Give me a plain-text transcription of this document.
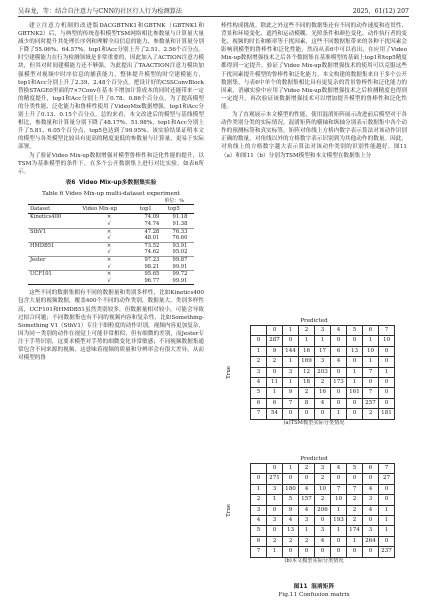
吴春龙，等：结合自注意力与CNN的社区行人行为检测算法	2025，61(12) 207

建立注意力机制的改进版DACGBTNK1和GBTNK（GBTNK1和GBTNK2）后，与典型的传统卷积模型TSM网络相比参数量与计算量大量减少的同时提升其处理长序列和理解全局信息的能力，参数量和计算量分别下降了55.06%、64.57%，top1和Acc分别上升了2.51、2.56个百分点。时空建模能力在行为检测领域是非常重要的，因此加入了ACTION注意力模块，但其对时间建模能力还不够强，为此提出了TAACTION注意力模块加强模型对视频中时序信息的捕获能力，整体提升模型的时空建模能力，top1和Acc分别上升了2.39、2.48个百分点。把设计好的CSSConvBlock替换STAGE0里面的7×7Conv在基本不增加计算成本的同时还能带来一定的精度提升，top1和Acc分别上升了0.78、0.86个百分点。为了提高模型的分类性能、泛化能力和鲁棒性使用了VideoMix数据增强，top1和Acc分别上升了0.13、0.15个百分点。总的来看，本文改进后的模型与基线模型相比，参数量和计算量分别下降了48.17%、51.98%，top1和Acc分别上升了5.81、6.05个百分点，top5也达到了99.95%。该实验结果证明本文的模型与各类模型比较具有更高的精度更低的参数量与计算量，更易于实际部署。

为了验证Video Mix-up数据增强对模型鲁棒性和泛化性能的提升，以TSM为基准模型的条件下，在多个公开数据集上进行对比实验，如表6所示。

表6 Video Mix-up多数据集实验
Table 6 Video Mix-up multi-dataset experiment
单位：%
Dataset	Video Mix-up	top1	top5
Kinetics400	×	74.09	91.18
	√	74.74	91.38
SthV1	×	47.28	76.33
	√	48.01	76.60
HMDB51	×	73.52	93.91
	√	74.62	95.02
Jester	×	97.23	99.87
	√	98.21	99.91
UCF101	×	95.65	99.72
	√	96.77	99.91

这些不同的数据集拥有不同的数据量和类别多样性，比如Kinetics400包含大量的视频数据，覆盖400个不同的动作类别，数据量大、类别多样性高，UCF101和HMDB51虽然类别较多，但数据量相对较小，可能会导致过拟合问题；不同数据集也有不同的视频内容和复杂性，比如Something-Something V1（SthV1）专注于细粒度的动作识别，视频内容更加复杂，因为同一类别的动作在视觉上可能非常相似，但有细微的差别，而Jester专注于手势识别，这要求模型对手势的细微变化非常敏感；不同视频数据集通常包含不同来源的视频，这意味着视频的质量和分辨率会有很大差异，从而对模型的鲁

棒性构成挑战。除此之外这些不同的数据集还有不同的动作速度和连贯性、背景和环境变化、遮挡和运动模糊、光照条件和颜色变化、动作执行者的变化、视频的时长和帧率等干扰因素，这些不同数据集带来的各种干扰因素会影响到模型的鲁棒性和泛化性能，然而从表6中可以看出，在应用了Video Mix-up数据增强技术之后各个数据集在基准模型的基础上top1和top5精度都得到一定提升，验证了Video Mix-up数据增强技术的使用可以克服这些干扰因素提升模型的鲁棒性和泛化能力。本文构建的数据集来自于多个公开数据集，与表6中单个的数据集相比具有更复杂的背景鲁棒性和泛化能力的因素，消融实验中应用了Video Mix-up数据增强技术之后检测精度也得到一定提升，再次验证该数据增强技术可以增加提升模型的鲁棒性和泛化性能。

为了直观展示本文模型的性能，使用混淆矩阵展示改进前后模型对于各动作类别分类的实际情况。混淆矩阵的横轴和纵轴分别表示数据集中各个动作的预测标签和真实标签。矩阵对角线上方格内数字表示算法对该动作识别正确的数量，对角线以外的方格数字表示识别到为其他动作的数量。因此，对角线上的方格数字越大表示算法对该动作类别的识别性能越好。图11（a）和图11（b）分别为TSM模型和本文模型在数据集上分

Predicted
True
	0	1	2	3	4	5	6	7
0	287	0	1	1	0	0	1	10
1	9	144	16	17	6	13	10	0
2	2	1	169	3	4	0	1	0
3	0	3	12	203	0	1	7	1
4	11	1	18	2	173	1	0	0
5	1	9	2	16	0	161	7	0
6	6	7	8	4	0	0	257	0
7	54	0	0	0	1	0	2	181
(a)TSM模型实际分类情况
Predicted
True
	0	1	2	3	4	5	6	7
0	271	0	0	2	0	0	0	27
1	3	180	4	10	7	7	4	0
2	1	5	157	2	10	2	3	0
3	0	9	4	206	1	2	4	1
4	3	4	3	0	193	2	0	1
5	0	13	1	3	1	174	3	1
6	2	2	2	4	0	1	264	0
7	1	0	0	0	0	0	0	237
(b)本文模型实际分类情况
图11 混淆矩阵
Fig.11 Confusion matrix
